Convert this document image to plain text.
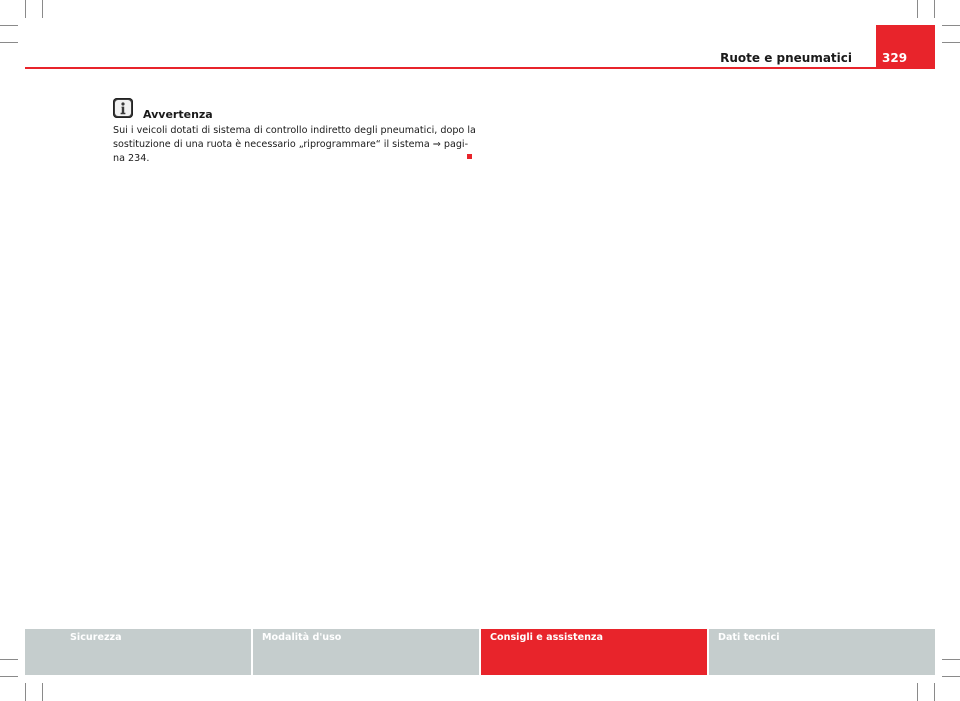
Ruote e pneumatici	329
Avvertenza
Sui i veicoli dotati di sistema di controllo indiretto degli pneumatici, dopo la
sostituzione di una ruota è necessario „riprogrammare“ il sistema ⇒ pagi-
na 234.
Sicurezza	Modalità d'uso	Consigli e assistenza	Dati tecnici
